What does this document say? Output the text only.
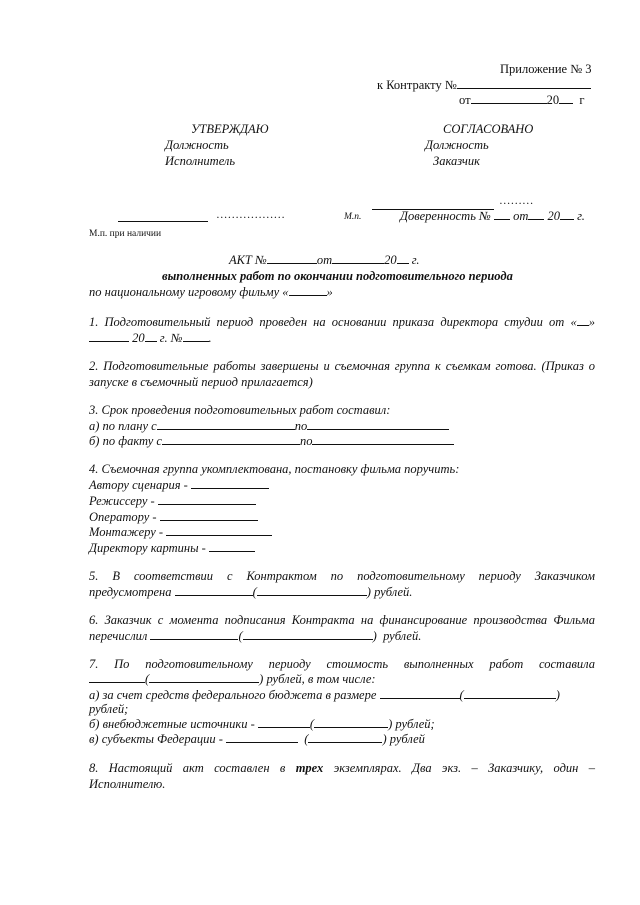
Приложение № 3
к Контракту №
от	20 г
УТВЕРЖДАЮ
Должность
Исполнитель
………………
М.п. при наличии
СОГЛАСОВАНО
Должность
Заказчик
………
М.п.	Доверенность № от 20 г.
АКТ №	от	20 г.
выполненных работ по окончании подготовительного периода
по национальному игровому фильму «	»
1. Подготовительный период проведен на основании приказа директора студии от « »
20 г. № .
2. Подготовительные работы завершены и съемочная группа к съемкам готова. (Приказ о
запуске в съемочный период прилагается)
3. Срок проведения подготовительных работ составил:
а) по плану с	по
б) по факту с	по
4. Съемочная группа укомплектована, постановку фильма поручить:
Автору сценария -
Режиссеру -
Оператору -
Монтажеру -
Директору картины -
5. В соответствии с Контрактом по подготовительному периоду Заказчиком
предусмотрена	(	) рублей.
6. Заказчик с момента подписания Контракта на финансирование производства Фильма
перечислил	(	)  рублей.
7. По подготовительному периоду стоимость выполненных работ составила
(	) рублей, в том числе:
а) за счет средств федерального бюджета в размере	(	)
рублей;
б) внебюджетные источники -	(	) рублей;
в) субъекты Федерации -	(	) рублей
8. Настоящий акт составлен в трех экземплярах. Два экз. – Заказчику, один –
Исполнителю.
